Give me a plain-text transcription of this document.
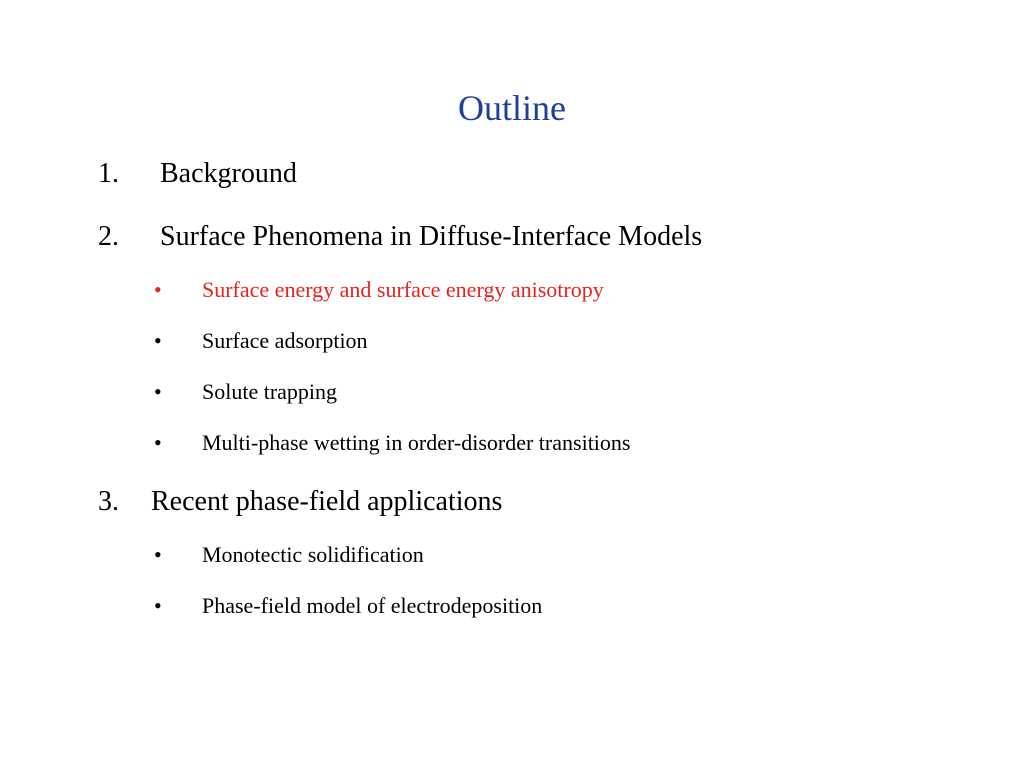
Outline
1. Background
2. Surface Phenomena in Diffuse-Interface Models
• Surface energy and surface energy anisotropy
• Surface adsorption
• Solute trapping
• Multi-phase wetting in order-disorder transitions
3. Recent phase-field applications
• Monotectic solidification
• Phase-field model of electrodeposition
